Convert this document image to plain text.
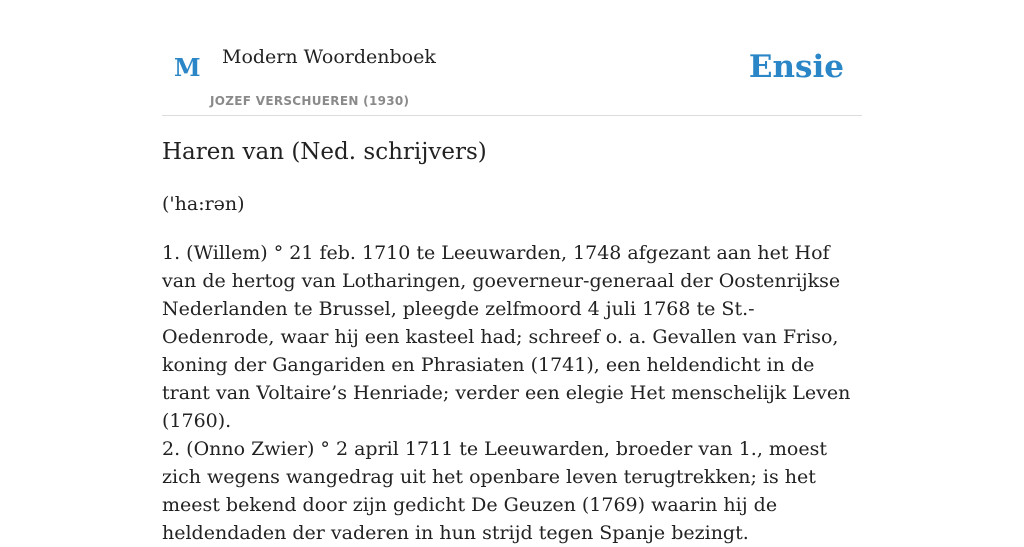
M Modern Woordenboek
JOZEF VERSCHUEREN (1930)
Ensie
Haren van (Ned. schrijvers)
('ha:rən)

1. (Willem) ° 21 feb. 1710 te Leeuwarden, 1748 afgezant aan het Hof van de hertog van Lotharingen, goeverneur-generaal der Oostenrijkse Nederlanden te Brussel, pleegde zelfmoord 4 juli 1768 te St.-Oedenrode, waar hij een kasteel had; schreef o. a. Gevallen van Friso, koning der Gangariden en Phrasiaten (1741), een heldendicht in de trant van Voltaire’s Henriade; verder een elegie Het menschelijk Leven (1760).

2. (Onno Zwier) ° 2 april 1711 te Leeuwarden, broeder van 1., moest zich wegens wangedrag uit het openbare leven terugtrekken; is het meest bekend door zijn gedicht De Geuzen (1769) waarin hij de heldendaden der vaderen in hun strijd tegen Spanje bezingt.
